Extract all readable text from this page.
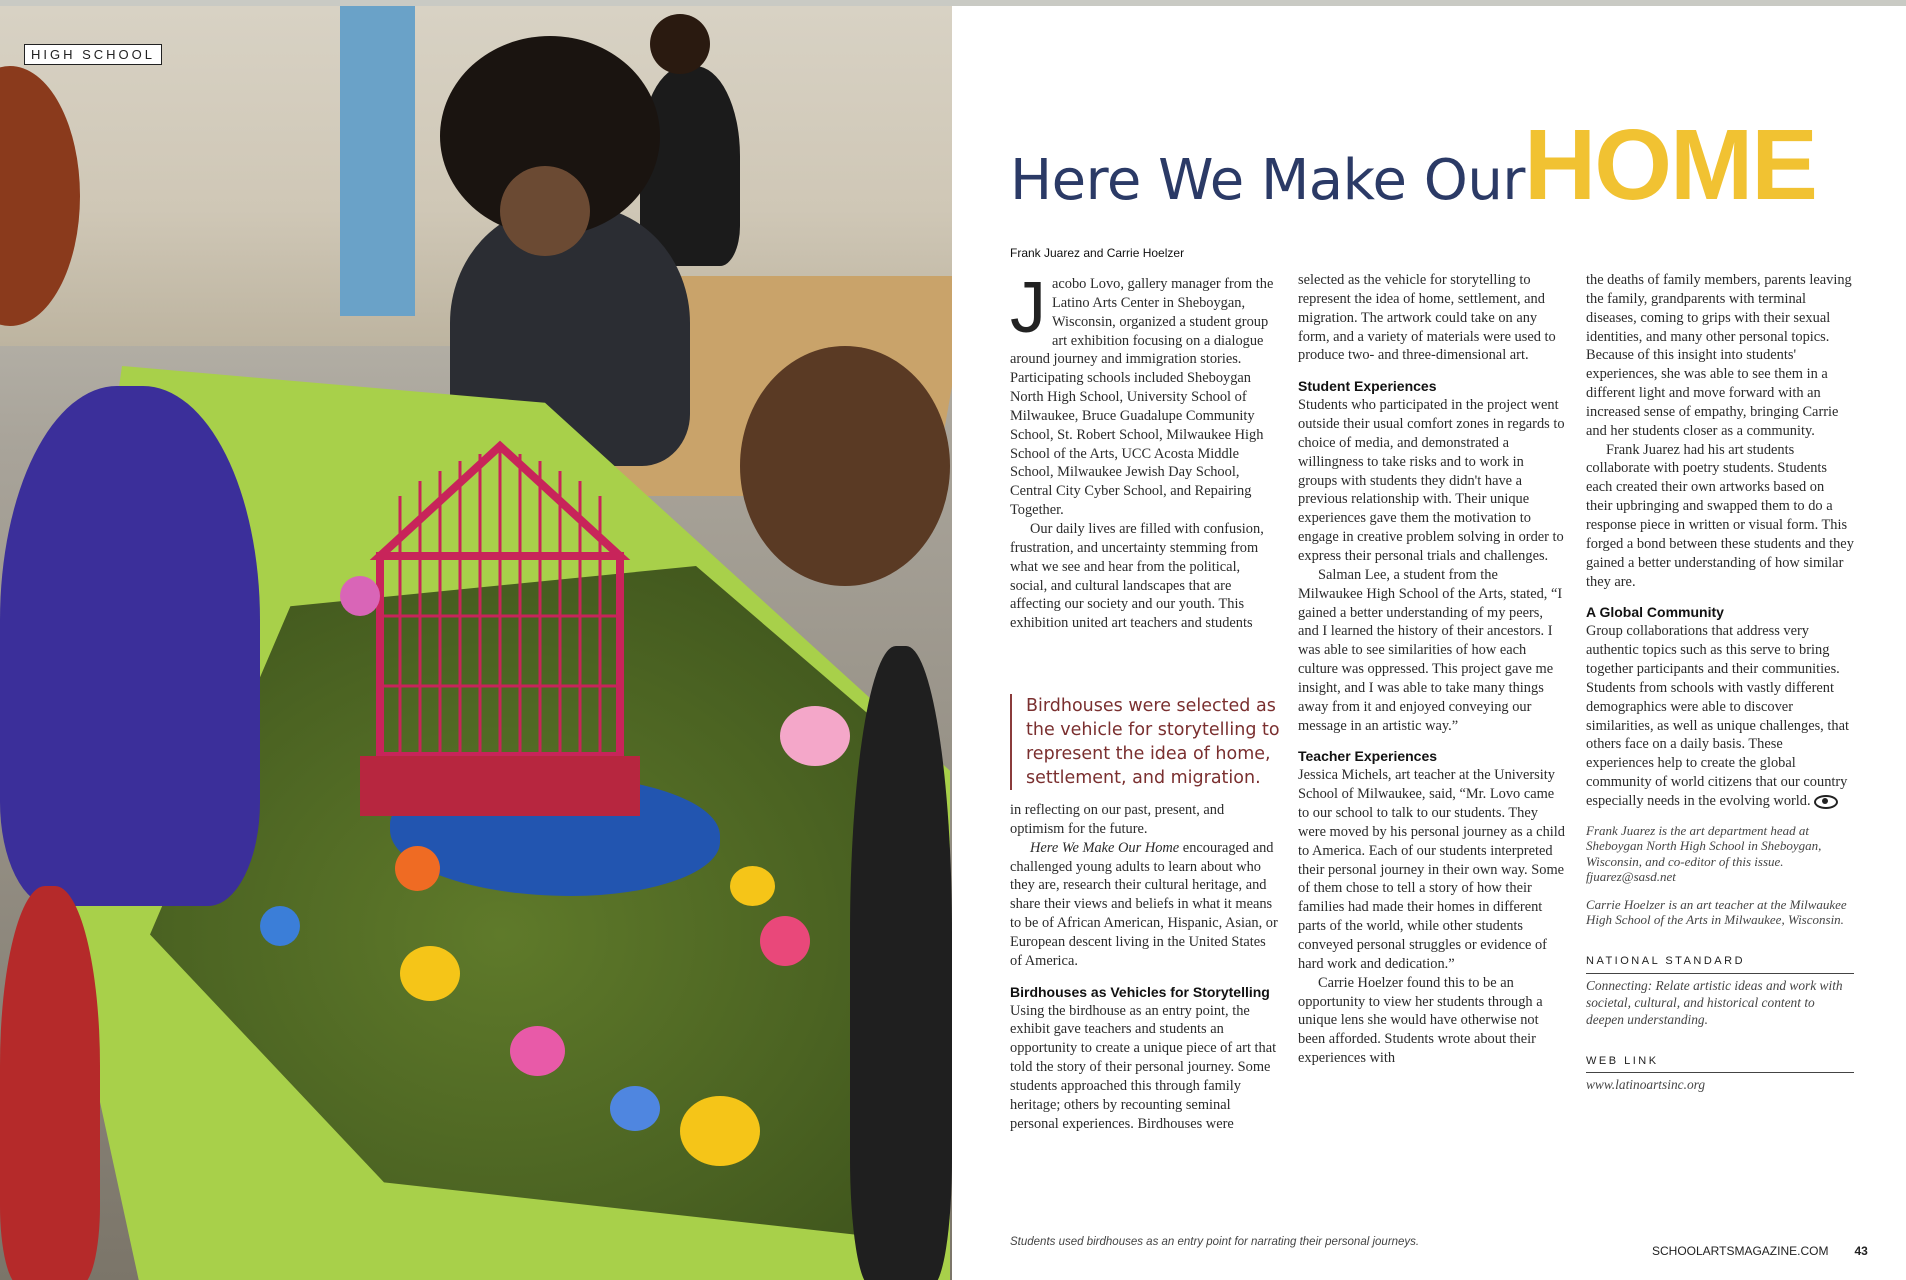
HIGH SCHOOL
Here We Make Our HOME
Frank Juarez and Carrie Hoelzer

Jacobo Lovo, gallery manager from the Latino Arts Center in Sheboygan, Wisconsin, organized a student group art exhibition focusing on a dialogue around journey and immigration stories. Participating schools included Sheboygan North High School, University School of Milwaukee, Bruce Guadalupe Community School, St. Robert School, Milwaukee High School of the Arts, UCC Acosta Middle School, Milwaukee Jewish Day School, Central City Cyber School, and Repairing Together.

Our daily lives are filled with confusion, frustration, and uncertainty stemming from what we see and hear from the political, social, and cultural landscapes that are affecting our society and our youth. This exhibition united art teachers and students

in reflecting on our past, present, and optimism for the future.

Here We Make Our Home encouraged and challenged young adults to learn about who they are, research their cultural heritage, and share their views and beliefs in what it means to be of African American, Hispanic, Asian, or European descent living in the United States of America.

Birdhouses as Vehicles for Storytelling

Using the birdhouse as an entry point, the exhibit gave teachers and students an opportunity to create a unique piece of art that told the story of their personal journey. Some students approached this through family heritage; others by recounting seminal personal experiences. Birdhouses were

Birdhouses were selected as the vehicle for storytelling to represent the idea of home, settlement, and migration.

selected as the vehicle for storytelling to represent the idea of home, settlement, and migration. The artwork could take on any form, and a variety of materials were used to produce two- and three-dimensional art.

Student Experiences

Students who participated in the project went outside their usual comfort zones in regards to choice of media, and demonstrated a willingness to take risks and to work in groups with students they didn't have a previous relationship with. Their unique experiences gave them the motivation to engage in creative problem solving in order to express their personal trials and challenges.

Salman Lee, a student from the Milwaukee High School of the Arts, stated, “I gained a better understanding of my peers, and I learned the history of their ancestors. I was able to see similarities of how each culture was oppressed. This project gave me insight, and I was able to take many things away from it and enjoyed conveying our message in an artistic way.”

Teacher Experiences

Jessica Michels, art teacher at the University School of Milwaukee, said, “Mr. Lovo came to our school to talk to our students. They were moved by his personal journey as a child to America. Each of our students interpreted their personal journey in their own way. Some of them chose to tell a story of how their families had made their homes in different parts of the world, while other students conveyed personal struggles or evidence of hard work and dedication.”

Carrie Hoelzer found this to be an opportunity to view her students through a unique lens she would have otherwise not been afforded. Students wrote about their experiences with

the deaths of family members, parents leaving the family, grandparents with terminal diseases, coming to grips with their sexual identities, and many other personal topics. Because of this insight into students' experiences, she was able to see them in a different light and move forward with an increased sense of empathy, bringing Carrie and her students closer as a community.

Frank Juarez had his art students collaborate with poetry students. Students each created their own artworks based on their upbringing and swapped them to do a response piece in written or visual form. This forged a bond between these students and they gained a better understanding of how similar they are.

A Global Community

Group collaborations that address very authentic topics such as this serve to bring together participants and their communities. Students from schools with vastly different demographics were able to discover similarities, as well as unique challenges, that others face on a daily basis. These experiences help to create the global community of world citizens that our country especially needs in the evolving world.

Frank Juarez is the art department head at Sheboygan North High School in Sheboygan, Wisconsin, and co-editor of this issue. fjuarez@sasd.net

Carrie Hoelzer is an art teacher at the Milwaukee High School of the Arts in Milwaukee, Wisconsin.

NATIONAL STANDARD
Connecting: Relate artistic ideas and work with societal, cultural, and historical content to deepen understanding.
WEB LINK
www.latinoartsinc.org
Students used birdhouses as an entry point for narrating their personal journeys.
SCHOOLARTSMAGAZINE.COM 43
